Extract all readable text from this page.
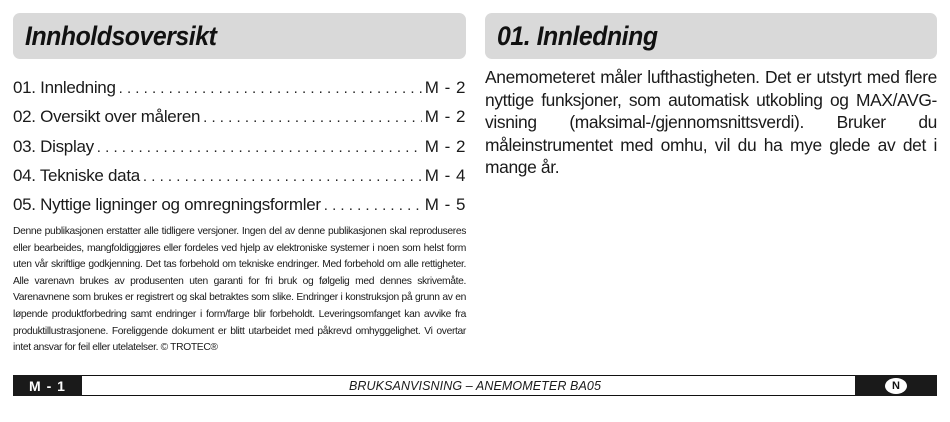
Innholdsoversikt	01. Innledning
01. Innledning . . .	M - 2
02. Oversikt over måleren . . .	M - 2
03. Display . . .	M - 2
04. Tekniske data . . .	M - 4
05. Nyttige ligninger og omregningsformler . . .	M - 5

Denne publikasjonen erstatter alle tidligere versjoner. Ingen del av denne publikasjonen skal reproduseres eller bearbeides, mangfoldiggjøres eller fordeles ved hjelp av elektroniske systemer i noen som helst form uten vår skriftlige godkjenning. Det tas forbehold om tekniske endringer. Med forbehold om alle rettigheter. Alle varenavn brukes av produsenten uten garanti for fri bruk og følgelig med dennes skrivemåte. Varenavnene som brukes er registrert og skal betraktes som slike. Endringer i konstruksjon på grunn av en løpende produktforbedring samt endringer i form/farge blir forbeholdt. Leveringsomfanget kan avvike fra produktillustrasjonene. Foreliggende dokument er blitt utarbeidet med påkrevd omhyggelighet. Vi overtar intet ansvar for feil eller utelatelser. © TROTEC®

Anemometeret måler lufthastigheten. Det er utstyrt med flere nyttige funksjoner, som automatisk utkobling og MAX/AVG-visning (maksimal-/gjennomsnittsverdi). Bruker du måleinstrumentet med omhu, vil du ha mye glede av det i mange år.

BRUKSANVISNING – ANEMOMETER BA05
M - 1	N
